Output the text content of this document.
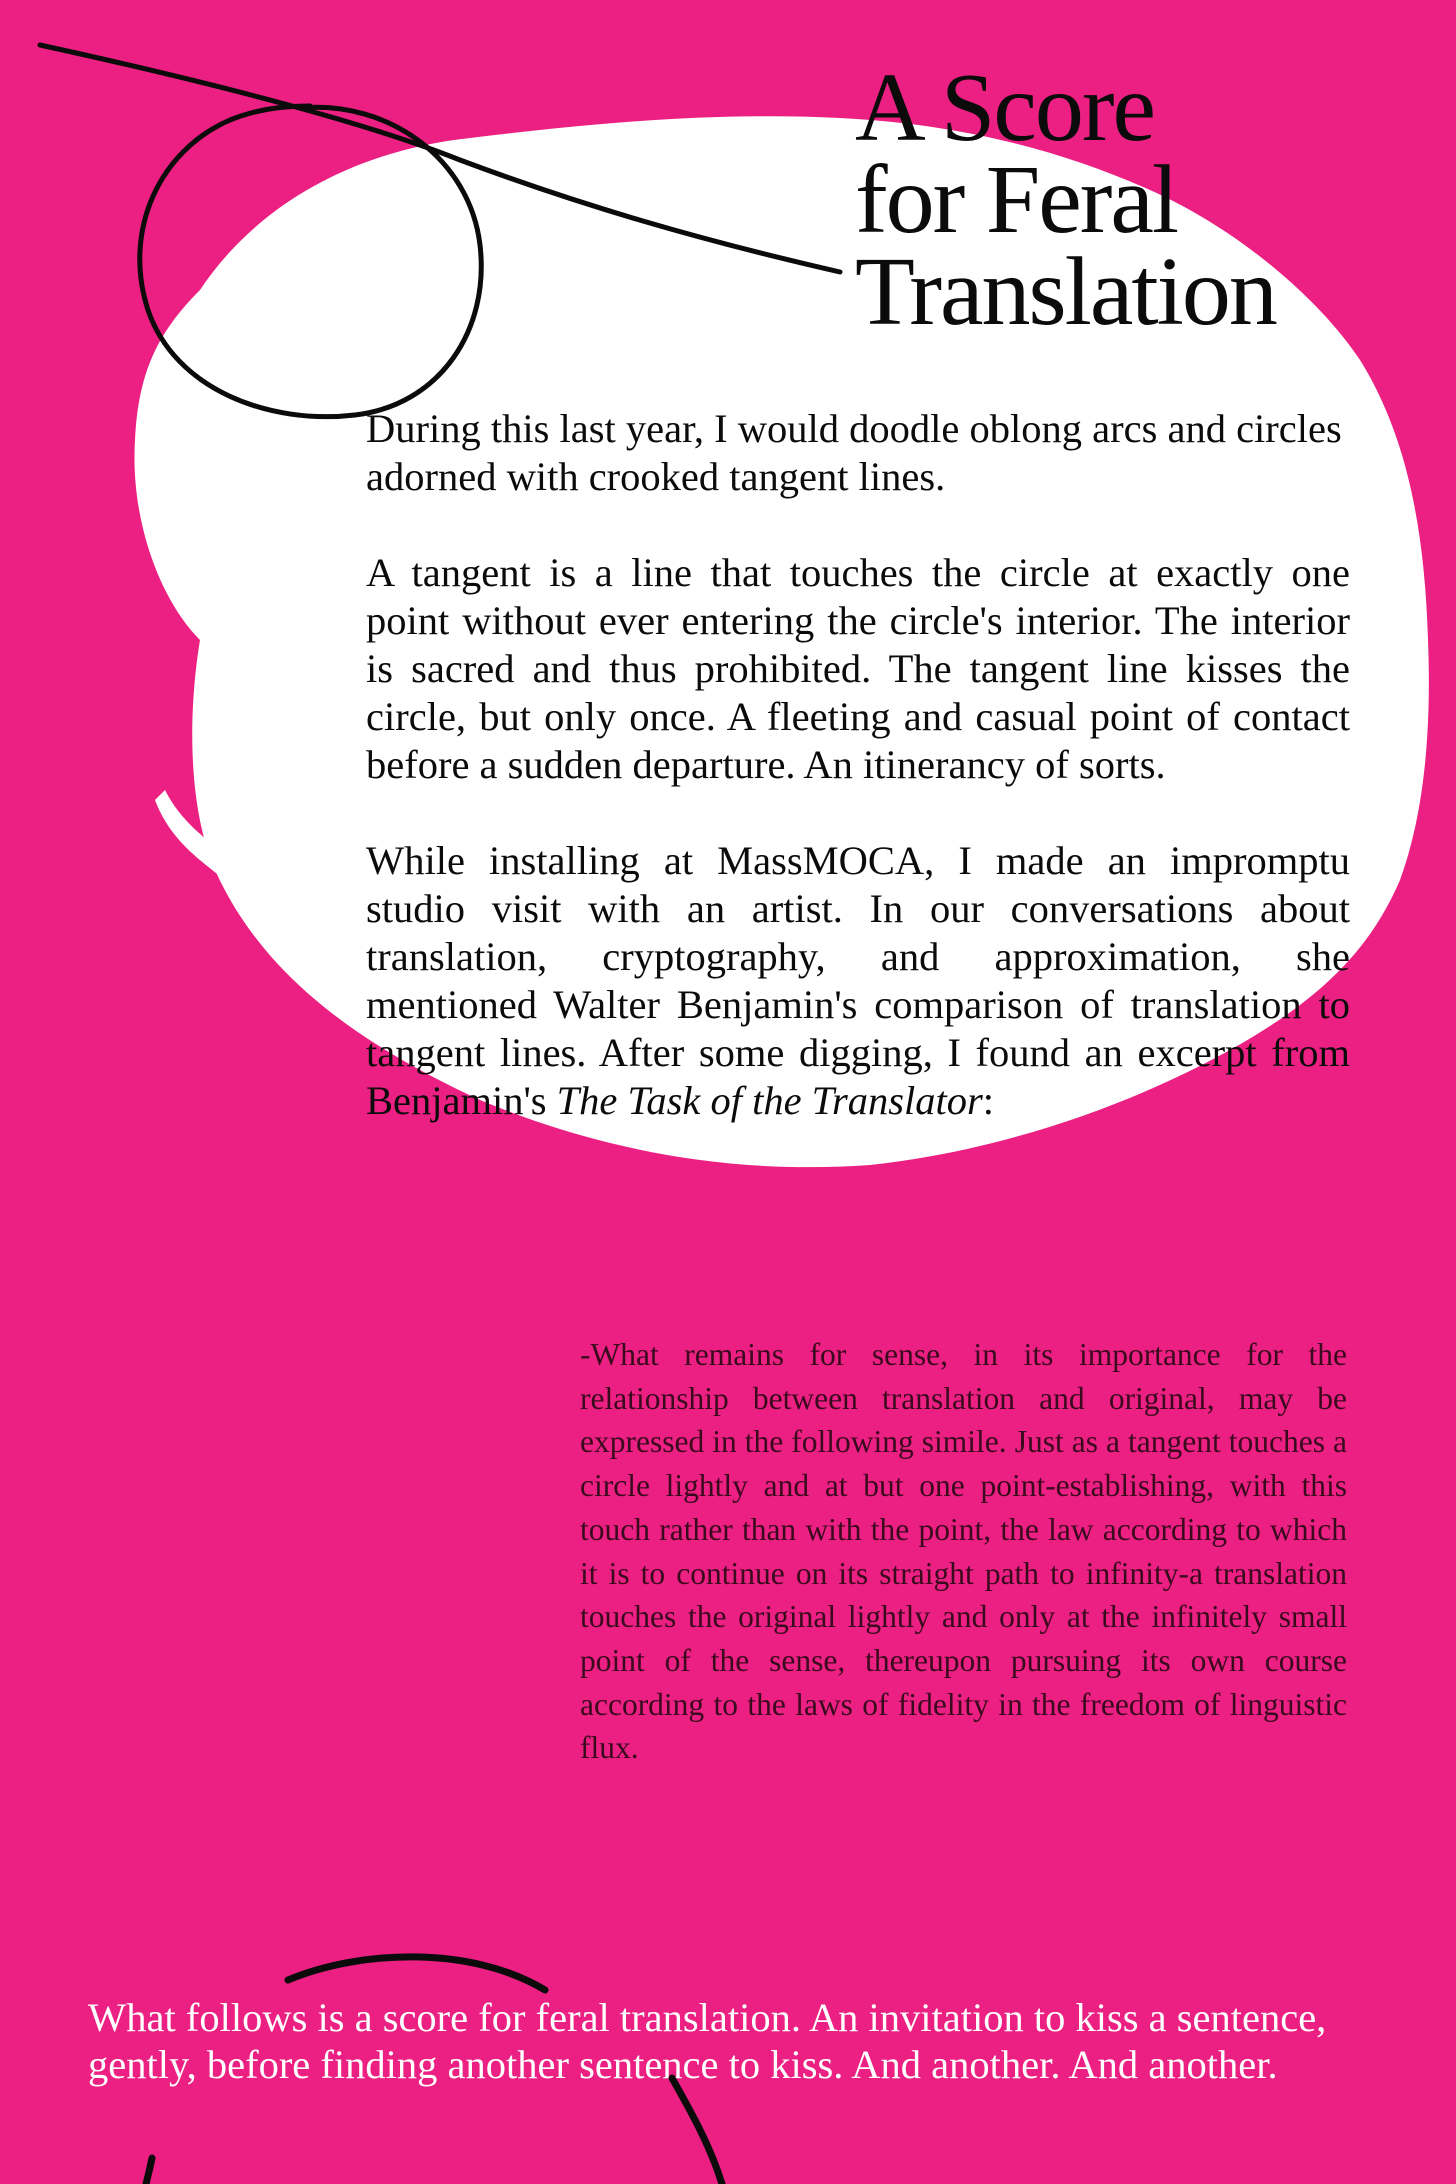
A Score
for Feral
Translation

During this last year, I would doodle oblong arcs and circles adorned with crooked tangent lines.

A tangent is a line that touches the circle at exactly one point without ever entering the circle's interior. The interior is sacred and thus prohibited. The tangent line kisses the circle, but only once. A fleeting and casual point of contact before a sudden departure. An itinerancy of sorts.

While installing at MassMOCA, I made an impromptu studio visit with an artist. In our conversations about translation, cryptography, and approximation, she mentioned Walter Benjamin's comparison of translation to tangent lines. After some digging, I found an excerpt from Benjamin's The Task of the Translator:

-What remains for sense, in its importance for the relationship between translation and original, may be expressed in the following simile. Just as a tangent touches a circle lightly and at but one point-establishing, with this touch rather than with the point, the law according to which it is to continue on its straight path to infinity-a translation touches the original lightly and only at the infinitely small point of the sense, thereupon pursuing its own course according to the laws of fidelity in the freedom of linguistic flux.

What follows is a score for feral translation. An invitation to kiss a sentence, gently, before finding another sentence to kiss. And another. And another.
